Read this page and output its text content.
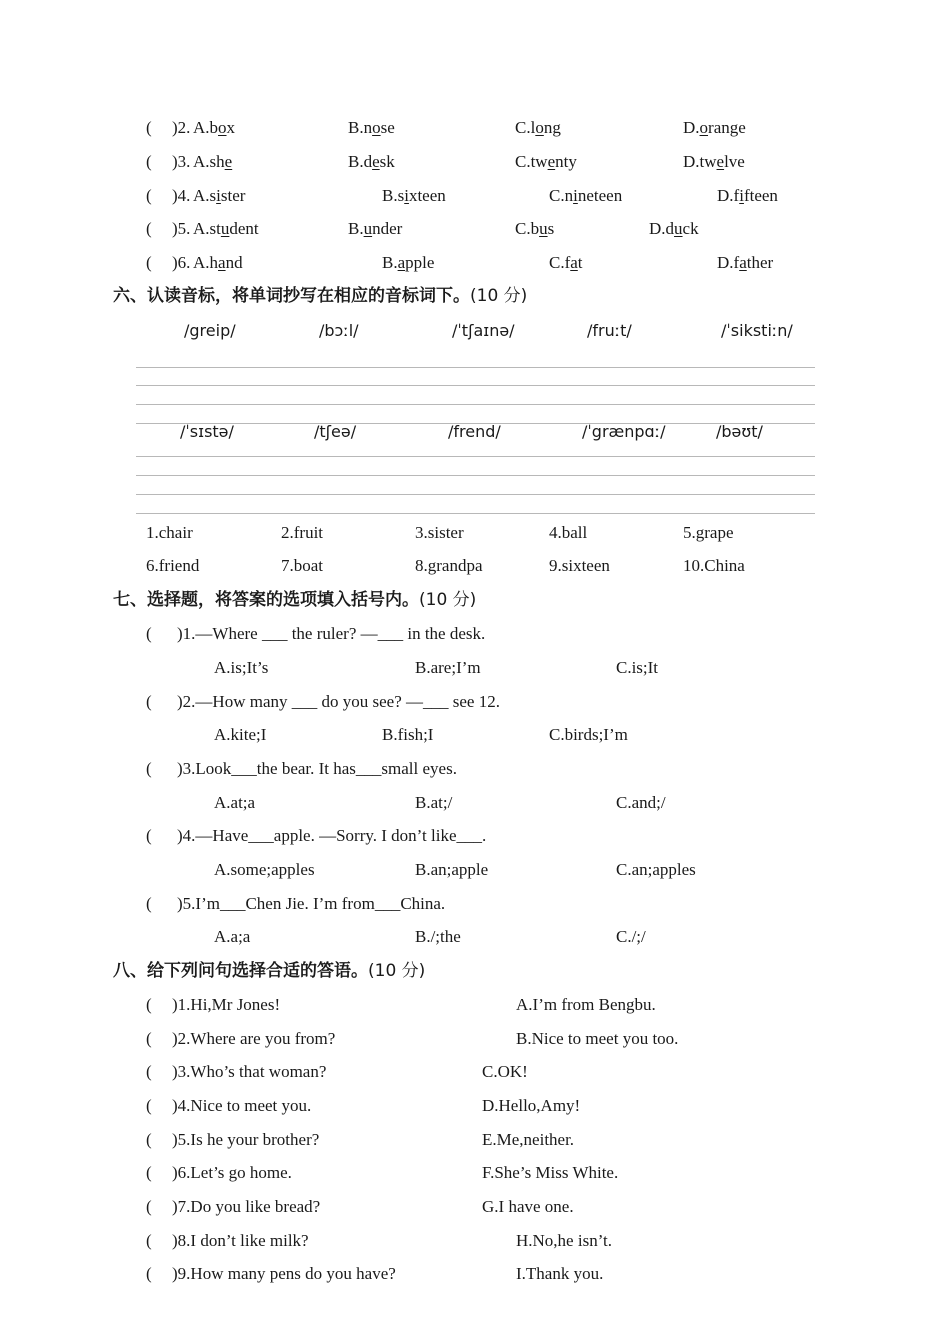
( )2. A.box	B.nose	C.long	D.orange
( )3. A.she	B.desk	C.twenty	D.twelve
( )4. A.sister	B.sixteen	C.nineteen	D.fifteen
( )5. A.student	B.under	C.bus	D.duck
( )6. A.hand	B.apple	C.fat	D.father
六、认读音标，将单词抄写在相应的音标词下。(10 分)
/greip/	/bɔːl/	/ˈtʃaɪnə/	/fruːt/	/ˈsikstiːn/
/ˈsɪstə/	/tʃeə/	/frend/	/ˈgrænpɑː/	/bəʊt/
1.chair	2.fruit	3.sister	4.ball	5.grape
6.friend	7.boat	8.grandpa	9.sixteen	10.China
七、选择题，将答案的选项填入括号内。(10 分)
( )1.—Where ___ the ruler? —___ in the desk.
A.is;It’s	B.are;I’m	C.is;It
( )2.—How many ___ do you see? —___ see 12.
A.kite;I	B.fish;I	C.birds;I’m
( )3.Look___the bear. It has___small eyes.
A.at;a	B.at;/	C.and;/
( )4.—Have___apple. —Sorry. I don’t like___.
A.some;apples	B.an;apple	C.an;apples
( )5.I’m___Chen Jie. I’m from___China.
A.a;a	B./;the	C./;/
八、给下列问句选择合适的答语。(10 分)
( )1.Hi,Mr Jones!	A.I’m from Bengbu.
( )2.Where are you from?	B.Nice to meet you too.
( )3.Who’s that woman?	C.OK!
( )4.Nice to meet you.	D.Hello,Amy!
( )5.Is he your brother?	E.Me,neither.
( )6.Let’s go home.	F.She’s Miss White.
( )7.Do you like bread?	G.I have one.
( )8.I don’t like milk?	H.No,he isn’t.
( )9.How many pens do you have?	I.Thank you.
